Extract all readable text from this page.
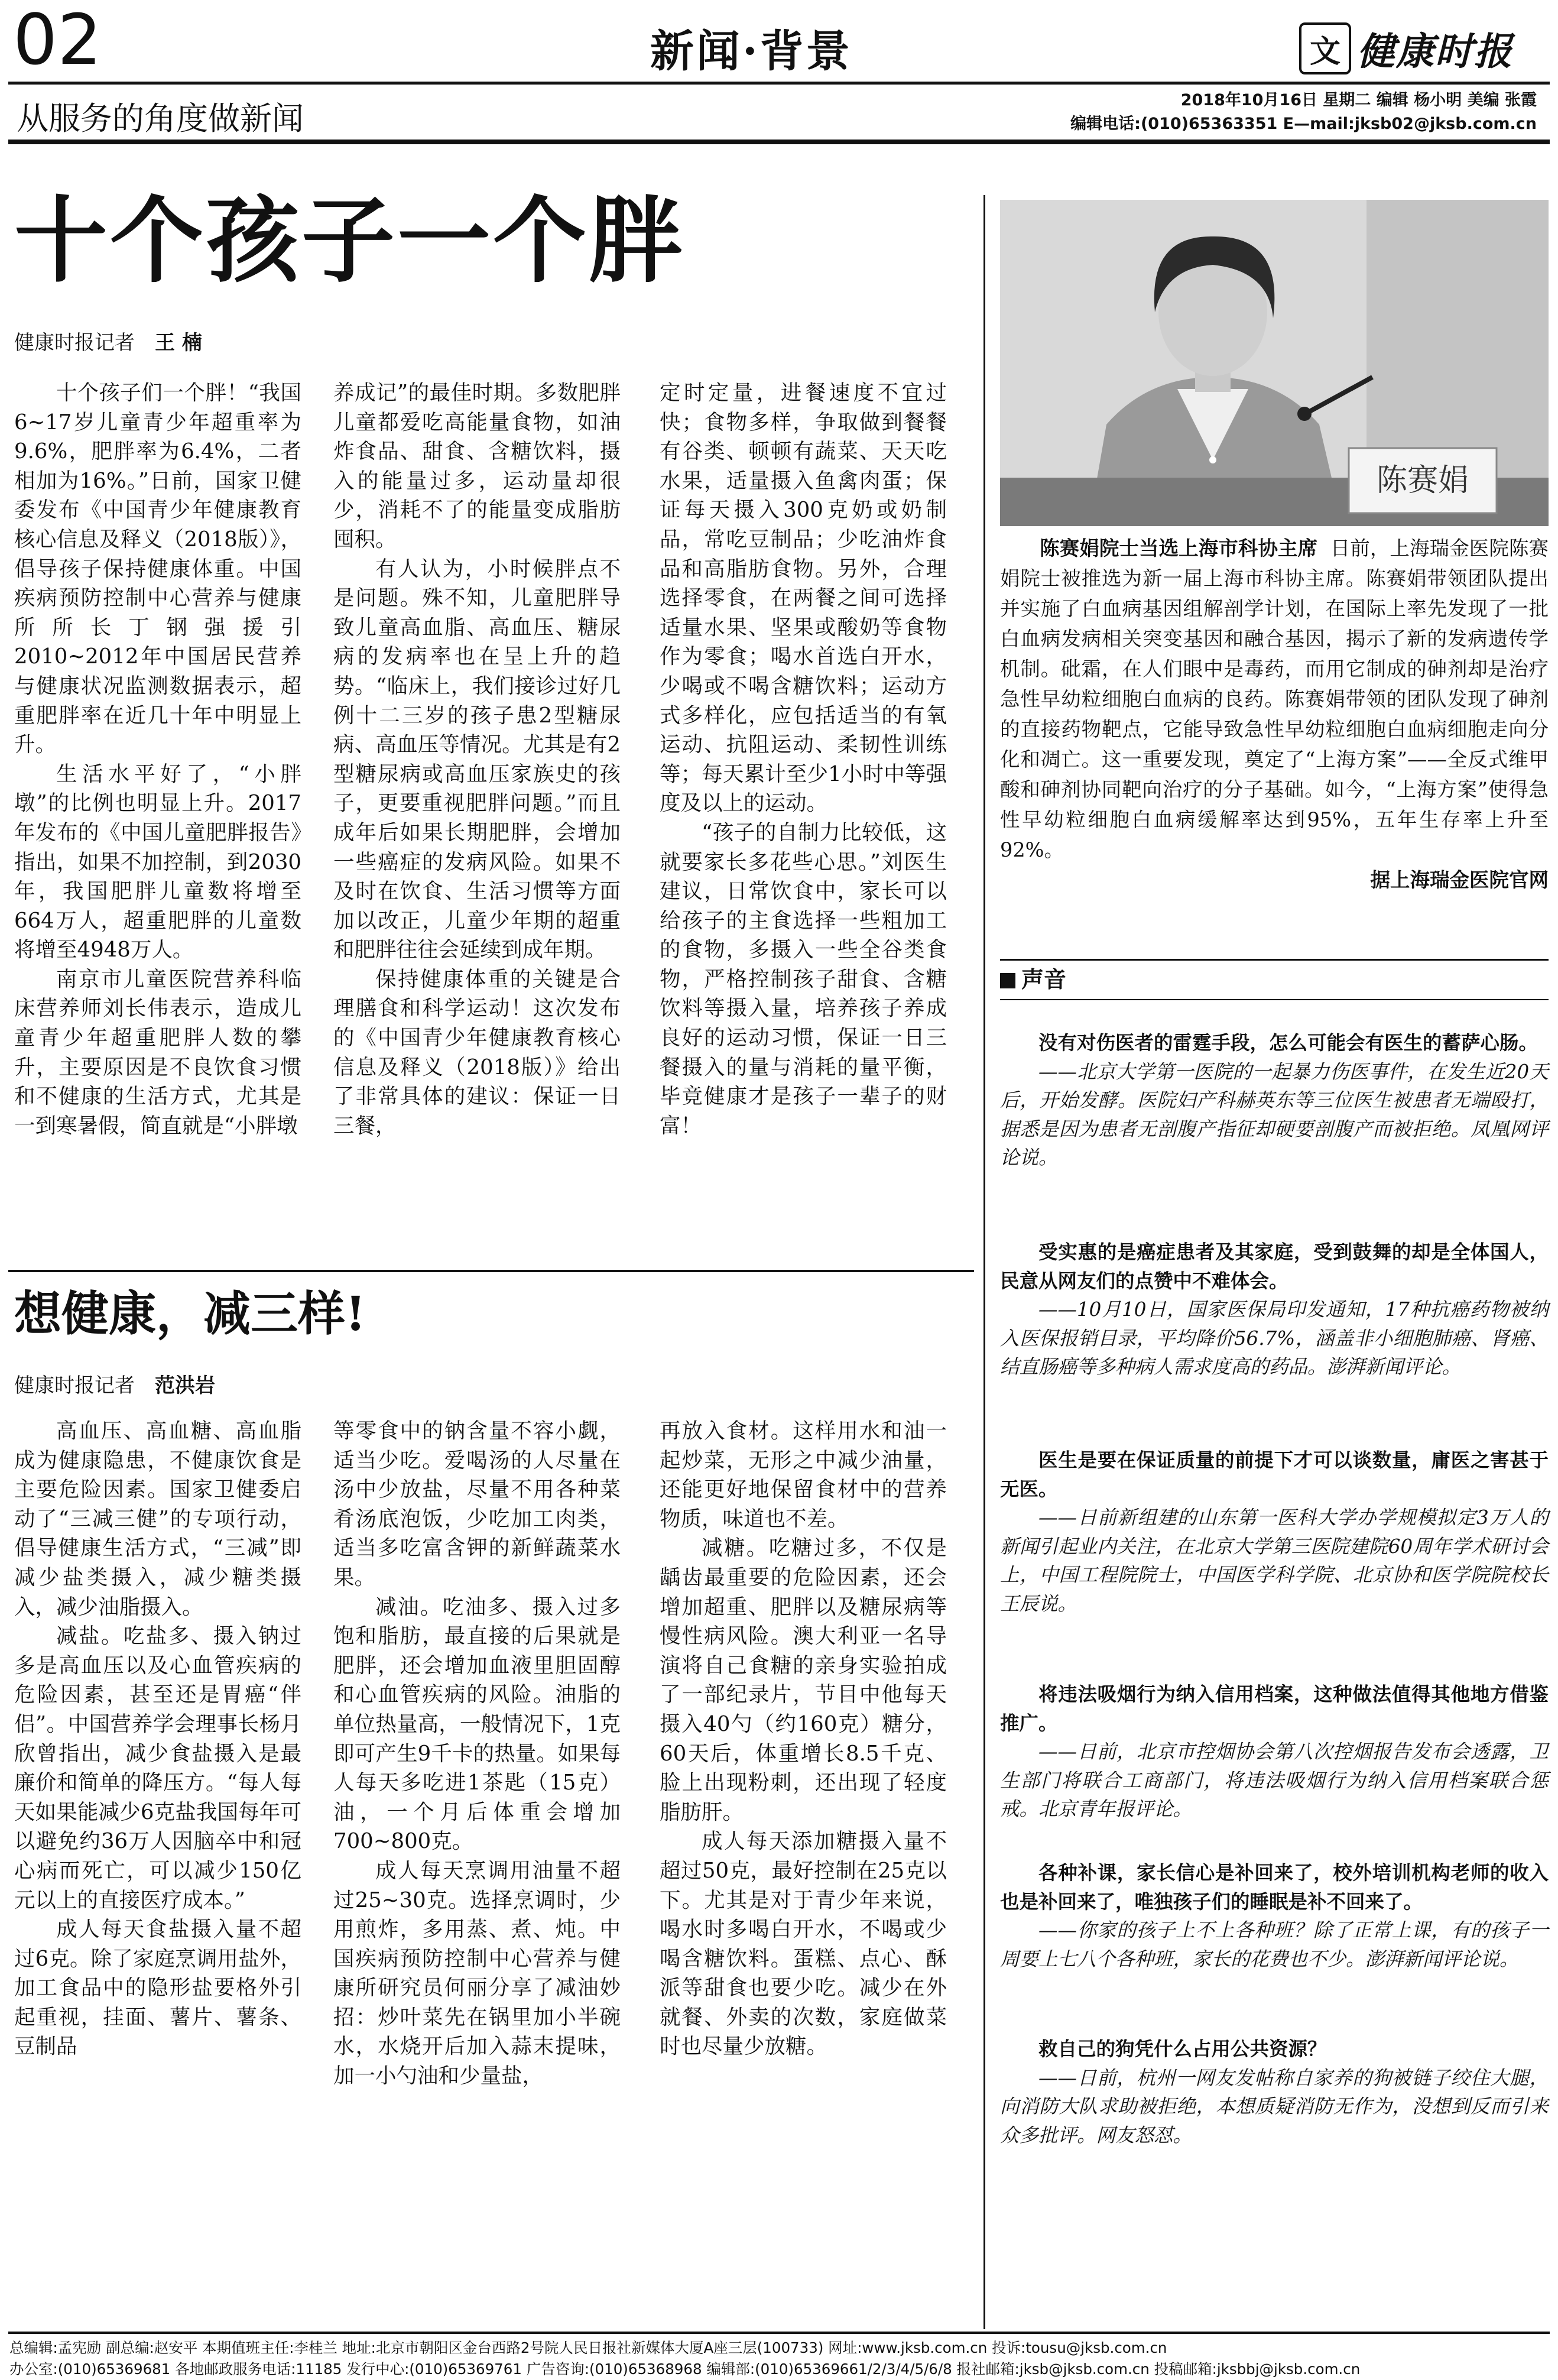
02	新闻·背景	文 健康时报
从服务的角度做新闻	2018年10月16日 星期二 编辑 杨小明 美编 张霞
编辑电话:(010)65363351 E—mail:jksb02@jksb.com.cn
十个孩子一个胖
健康时报记者 王 楠

十个孩子们一个胖！“我国6~17岁儿童青少年超重率为9.6%，肥胖率为6.4%，二者相加为16%。”日前，国家卫健委发布《中国青少年健康教育核心信息及释义（2018版）》，倡导孩子保持健康体重。中国疾病预防控制中心营养与健康所所长丁钢强援引2010~2012年中国居民营养与健康状况监测数据表示，超重肥胖率在近几十年中明显上升。

生活水平好了，“小胖墩”的比例也明显上升。2017年发布的《中国儿童肥胖报告》指出，如果不加控制，到2030年，我国肥胖儿童数将增至664万人，超重肥胖的儿童数将增至4948万人。

南京市儿童医院营养科临床营养师刘长伟表示，造成儿童青少年超重肥胖人数的攀升，主要原因是不良饮食习惯和不健康的生活方式，尤其是一到寒暑假，简直就是“小胖墩

养成记”的最佳时期。多数肥胖儿童都爱吃高能量食物，如油炸食品、甜食、含糖饮料，摄入的能量过多，运动量却很少，消耗不了的能量变成脂肪囤积。

有人认为，小时候胖点不是问题。殊不知，儿童肥胖导致儿童高血脂、高血压、糖尿病的发病率也在呈上升的趋势。“临床上，我们接诊过好几例十二三岁的孩子患2型糖尿病、高血压等情况。尤其是有2型糖尿病或高血压家族史的孩子，更要重视肥胖问题。”而且成年后如果长期肥胖，会增加一些癌症的发病风险。如果不及时在饮食、生活习惯等方面加以改正，儿童少年期的超重和肥胖往往会延续到成年期。

保持健康体重的关键是合理膳食和科学运动！这次发布的《中国青少年健康教育核心信息及释义（2018版）》给出了非常具体的建议：保证一日三餐，

定时定量，进餐速度不宜过快；食物多样，争取做到餐餐有谷类、顿顿有蔬菜、天天吃水果，适量摄入鱼禽肉蛋；保证每天摄入300克奶或奶制品，常吃豆制品；少吃油炸食品和高脂肪食物。另外，合理选择零食，在两餐之间可选择适量水果、坚果或酸奶等食物作为零食；喝水首选白开水，少喝或不喝含糖饮料；运动方式多样化，应包括适当的有氧运动、抗阻运动、柔韧性训练等；每天累计至少1小时中等强度及以上的运动。

“孩子的自制力比较低，这就要家长多花些心思。”刘医生建议，日常饮食中，家长可以给孩子的主食选择一些粗加工的食物，多摄入一些全谷类食物，严格控制孩子甜食、含糖饮料等摄入量，培养孩子养成良好的运动习惯，保证一日三餐摄入的量与消耗的量平衡，毕竟健康才是孩子一辈子的财富！

想健康，减三样!
健康时报记者 范洪岩

高血压、高血糖、高血脂成为健康隐患，不健康饮食是主要危险因素。国家卫健委启动了“三减三健”的专项行动，倡导健康生活方式，“三减”即减少盐类摄入，减少糖类摄入，减少油脂摄入。

减盐。吃盐多、摄入钠过多是高血压以及心血管疾病的危险因素，甚至还是胃癌“伴侣”。中国营养学会理事长杨月欣曾指出，减少食盐摄入是最廉价和简单的降压方。“每人每天如果能减少6克盐我国每年可以避免约36万人因脑卒中和冠心病而死亡，可以减少150亿元以上的直接医疗成本。”

成人每天食盐摄入量不超过6克。除了家庭烹调用盐外，加工食品中的隐形盐要格外引起重视，挂面、薯片、薯条、豆制品

等零食中的钠含量不容小觑，适当少吃。爱喝汤的人尽量在汤中少放盐，尽量不用各种菜肴汤底泡饭，少吃加工肉类，适当多吃富含钾的新鲜蔬菜水果。

减油。吃油多、摄入过多饱和脂肪，最直接的后果就是肥胖，还会增加血液里胆固醇和心血管疾病的风险。油脂的单位热量高，一般情况下，1克即可产生9千卡的热量。如果每人每天多吃进1茶匙（15克）油，一个月后体重会增加700~800克。

成人每天烹调用油量不超过25~30克。选择烹调时，少用煎炸，多用蒸、煮、炖。中国疾病预防控制中心营养与健康所研究员何丽分享了减油妙招：炒叶菜先在锅里加小半碗水，水烧开后加入蒜末提味，加一小勺油和少量盐，

再放入食材。这样用水和油一起炒菜，无形之中减少油量，还能更好地保留食材中的营养物质，味道也不差。

减糖。吃糖过多，不仅是龋齿最重要的危险因素，还会增加超重、肥胖以及糖尿病等慢性病风险。澳大利亚一名导演将自己食糖的亲身实验拍成了一部纪录片，节目中他每天摄入40勺（约160克）糖分，60天后，体重增长8.5千克、脸上出现粉刺，还出现了轻度脂肪肝。

成人每天添加糖摄入量不超过50克，最好控制在25克以下。尤其是对于青少年来说，喝水时多喝白开水，不喝或少喝含糖饮料。蛋糕、点心、酥派等甜食也要少吃。减少在外就餐、外卖的次数，家庭做菜时也尽量少放糖。

陈赛娟
陈赛娟院士当选上海市科协主席 日前，上海瑞金医院陈赛娟院士被推选为新一届上海市科协主席。陈赛娟带领团队提出并实施了白血病基因组解剖学计划，在国际上率先发现了一批白血病发病相关突变基因和融合基因，揭示了新的发病遗传学机制。砒霜，在人们眼中是毒药，而用它制成的砷剂却是治疗急性早幼粒细胞白血病的良药。陈赛娟带领的团队发现了砷剂的直接药物靶点，它能导致急性早幼粒细胞白血病细胞走向分化和凋亡。这一重要发现，奠定了“上海方案”——全反式维甲酸和砷剂协同靶向治疗的分子基础。如今，“上海方案”使得急性早幼粒细胞白血病缓解率达到95%，五年生存率上升至92%。
据上海瑞金医院官网
声音

没有对伤医者的雷霆手段，怎么可能会有医生的蓄萨心肠。

——北京大学第一医院的一起暴力伤医事件，在发生近20天后，开始发酵。医院妇产科赫英东等三位医生被患者无端殴打，据悉是因为患者无剖腹产指征却硬要剖腹产而被拒绝。凤凰网评论说。

受实惠的是癌症患者及其家庭，受到鼓舞的却是全体国人，民意从网友们的点赞中不难体会。

——10月10日，国家医保局印发通知，17种抗癌药物被纳入医保报销目录，平均降价56.7%，涵盖非小细胞肺癌、肾癌、结直肠癌等多种病人需求度高的药品。澎湃新闻评论。

医生是要在保证质量的前提下才可以谈数量，庸医之害甚于无医。

——日前新组建的山东第一医科大学办学规模拟定3万人的新闻引起业内关注，在北京大学第三医院建院60周年学术研讨会上，中国工程院院士，中国医学科学院、北京协和医学院院校长王辰说。

将违法吸烟行为纳入信用档案，这种做法值得其他地方借鉴推广。

——日前，北京市控烟协会第八次控烟报告发布会透露，卫生部门将联合工商部门，将违法吸烟行为纳入信用档案联合惩戒。北京青年报评论。

各种补课，家长信心是补回来了，校外培训机构老师的收入也是补回来了，唯独孩子们的睡眠是补不回来了。

——你家的孩子上不上各种班？除了正常上课，有的孩子一周要上七八个各种班，家长的花费也不少。澎湃新闻评论说。

救自己的狗凭什么占用公共资源？

——日前，杭州一网友发帖称自家养的狗被链子绞住大腿，向消防大队求助被拒绝，本想质疑消防无作为，没想到反而引来众多批评。网友怒怼。

总编辑:孟宪励 副总编:赵安平 本期值班主任:李桂兰 地址:北京市朝阳区金台西路2号院人民日报社新媒体大厦A座三层(100733) 网址:www.jksb.com.cn 投诉:tousu@jksb.com.cn
办公室:(010)65369681 各地邮政服务电话:11185 发行中心:(010)65369761 广告咨询:(010)65368968 编辑部:(010)65369661/2/3/4/5/6/8 报社邮箱:jksb@jksb.com.cn 投稿邮箱:jksbbj@jksb.com.cn
